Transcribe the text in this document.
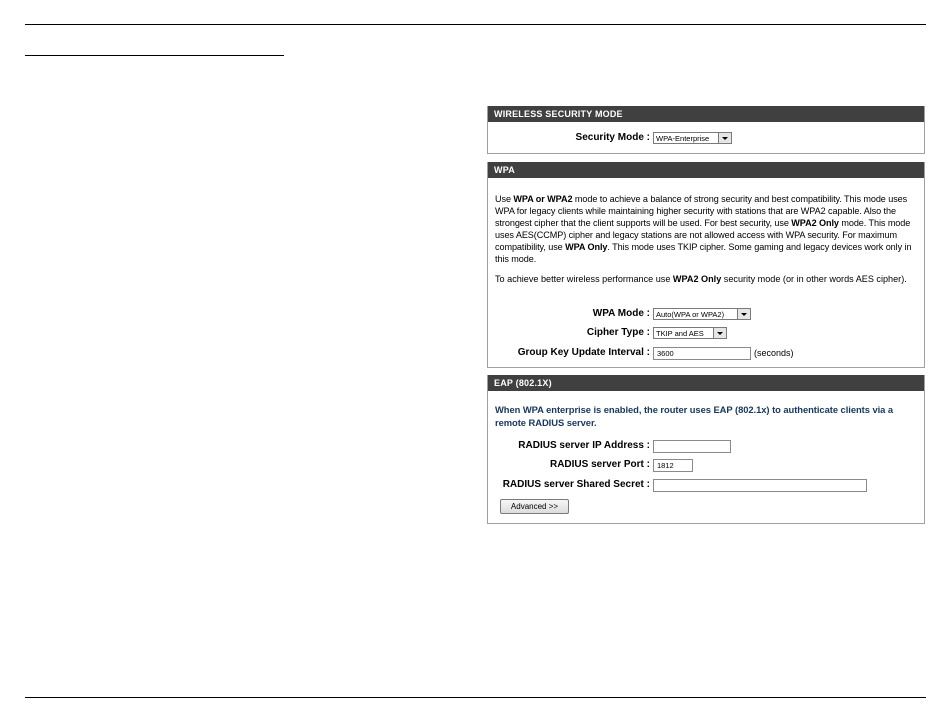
WIRELESS SECURITY MODE
Security Mode : WPA-Enterprise
WPA
Use WPA or WPA2 mode to achieve a balance of strong security and best compatibility. This mode uses WPA for legacy clients while maintaining higher security with stations that are WPA2 capable. Also the strongest cipher that the client supports will be used. For best security, use WPA2 Only mode. This mode uses AES(CCMP) cipher and legacy stations are not allowed access with WPA security. For maximum compatibility, use WPA Only. This mode uses TKIP cipher. Some gaming and legacy devices work only in this mode.
To achieve better wireless performance use WPA2 Only security mode (or in other words AES cipher).
WPA Mode : Auto(WPA or WPA2)
Cipher Type : TKIP and AES
Group Key Update Interval : 3600	(seconds)
EAP (802.1X)
When WPA enterprise is enabled, the router uses EAP (802.1x) to authenticate clients via a remote RADIUS server.
RADIUS server IP Address :
RADIUS server Port : 1812
RADIUS server Shared Secret :
Advanced >>
